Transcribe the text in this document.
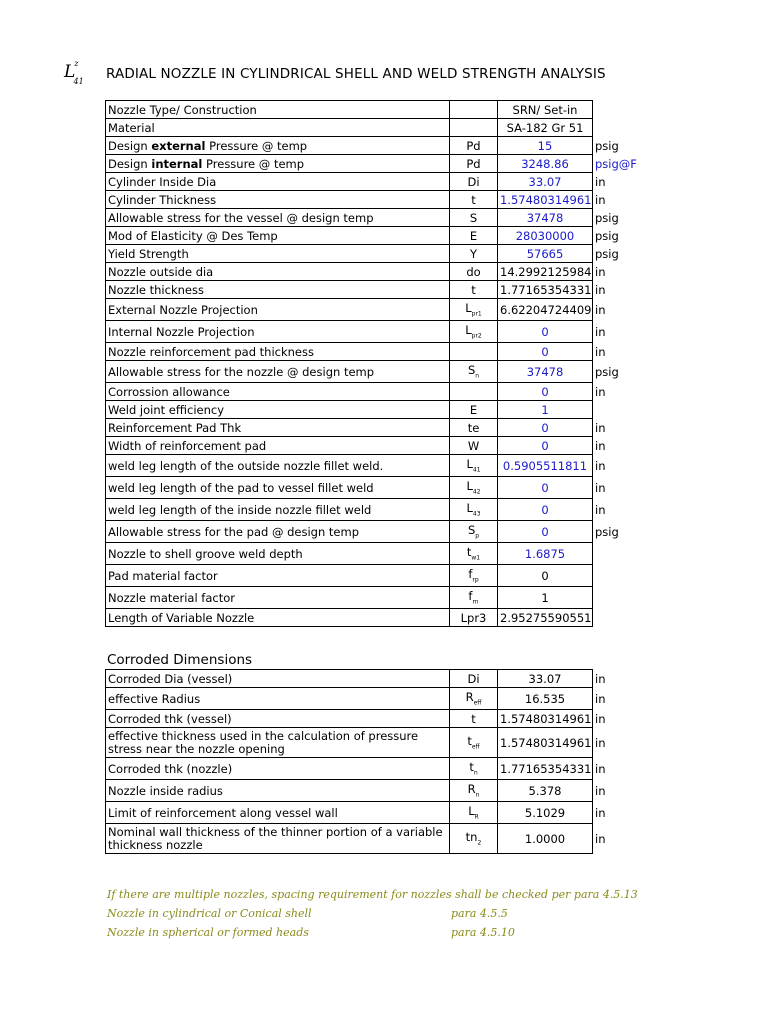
$L^z_{41}$	RADIAL NOZZLE IN CYLINDRICAL SHELL AND WELD STRENGTH ANALYSIS
Nozzle Type/ Construction		SRN/ Set-in	
Material		SA-182 Gr 51	
Design external Pressure @ temp	Pd	15	psig
Design internal Pressure @ temp	Pd	3248.86	psig@F
Cylinder Inside Dia	Di	33.07	in
Cylinder Thickness	t	1.57480314961	in
Allowable stress for the vessel @ design temp	S	37478	psig
Mod of Elasticity @ Des Temp	E	28030000	psig
Yield Strength	Y	57665	psig
Nozzle outside dia	do	14.2992125984	in
Nozzle thickness	t	1.77165354331	in
External Nozzle Projection	$L_{pr1}$	6.62204724409	in
Internal Nozzle Projection	$L_{pr2}$	0	in
Nozzle reinforcement pad thickness		0	in
Allowable stress for the nozzle @ design temp	$S_n$	37478	psig
Corrossion allowance		0	in
Weld joint efficiency	E	1	
Reinforcement Pad Thk	te	0	in
Width of reinforcement pad	W	0	in
weld leg length of the outside nozzle fillet weld.	$L_{41}$	0.5905511811	in
weld leg length of the pad to vessel fillet weld	$L_{42}$	0	in
weld leg length of the inside nozzle fillet weld	$L_{43}$	0	in
Allowable stress for the pad @ design temp	$S_p$	0	psig
Nozzle to shell groove weld depth	$t_{w1}$	1.6875	
Pad material factor	$f_{rp}$	0	
Nozzle material factor	$f_{rn}$	1	
Length of Variable Nozzle	Lpr3	2.95275590551	
Corroded Dimensions
Corroded Dia (vessel)	Di	33.07	in
effective Radius	$R_{eff}$	16.535	in
Corroded thk (vessel)	t	1.57480314961	in
effective thickness used in the calculation of pressure stress near the nozzle opening	$t_{eff}$	1.57480314961	in
Corroded thk (nozzle)	$t_n$	1.77165354331	in
Nozzle inside radius	$R_n$	5.378	in
Limit of reinforcement along vessel wall	$L_R$	5.1029	in
Nominal wall thickness of the thinner portion of a variable thickness nozzle	$tn_2$	1.0000	in
If there are multiple nozzles, spacing requirement for nozzles shall be checked per para 4.5.13
Nozzle in cylindrical or Conical shell	para 4.5.5
Nozzle in spherical or formed heads	para 4.5.10
